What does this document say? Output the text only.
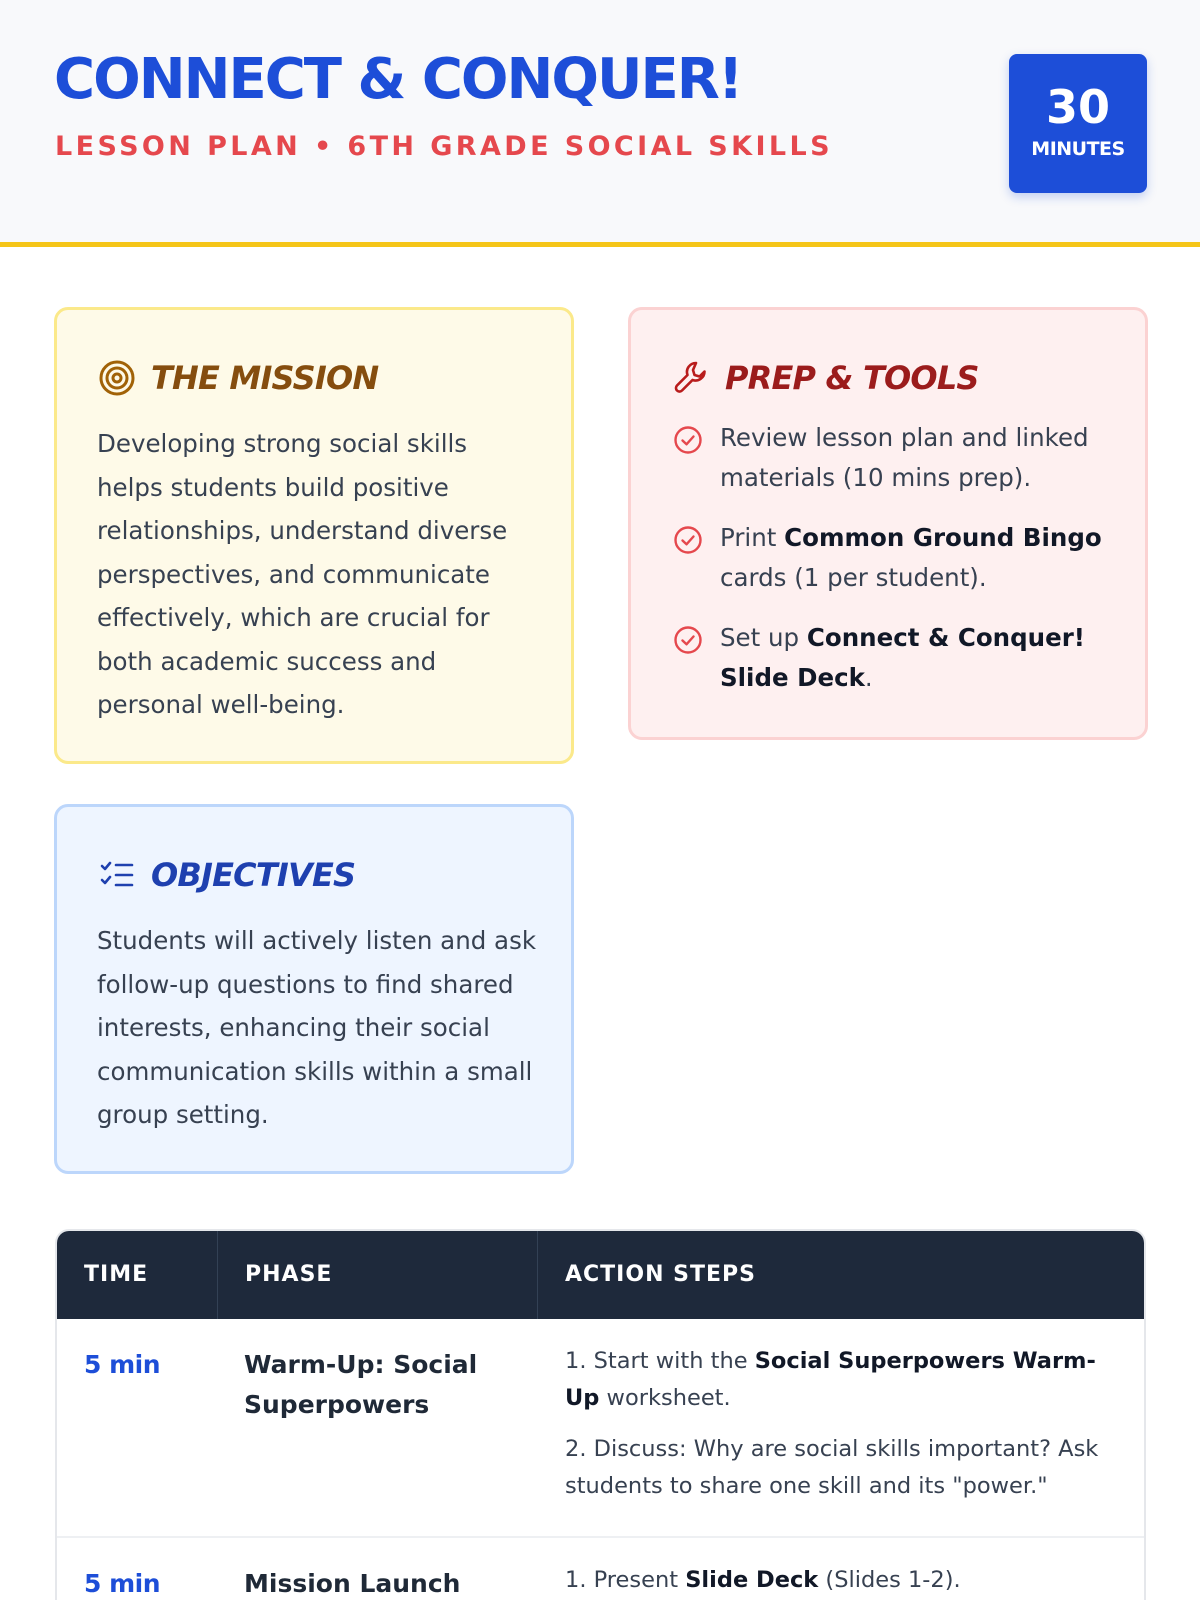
CONNECT & CONQUER!
LESSON PLAN • 6TH GRADE SOCIAL SKILLS
30
MINUTES
THE MISSION

Developing strong social skills helps students build positive relationships, understand diverse perspectives, and communicate effectively, which are crucial for both academic success and personal well-being.

PREP & TOOLS
Review lesson plan and linked materials (10 mins prep).
Print Common Ground Bingo cards (1 per student).
Set up Connect & Conquer! Slide Deck.
OBJECTIVES

Students will actively listen and ask follow-up questions to find shared interests, enhancing their social communication skills within a small group setting.

TIME	PHASE	ACTION STEPS
5 min	Warm-Up: Social Superpowers

1. Start with the Social Superpowers Warm-Up worksheet.

2. Discuss: Why are social skills important? Ask students to share one skill and its "power."

5 min	Mission Launch	1. Present Slide Deck (Slides 1-2).
